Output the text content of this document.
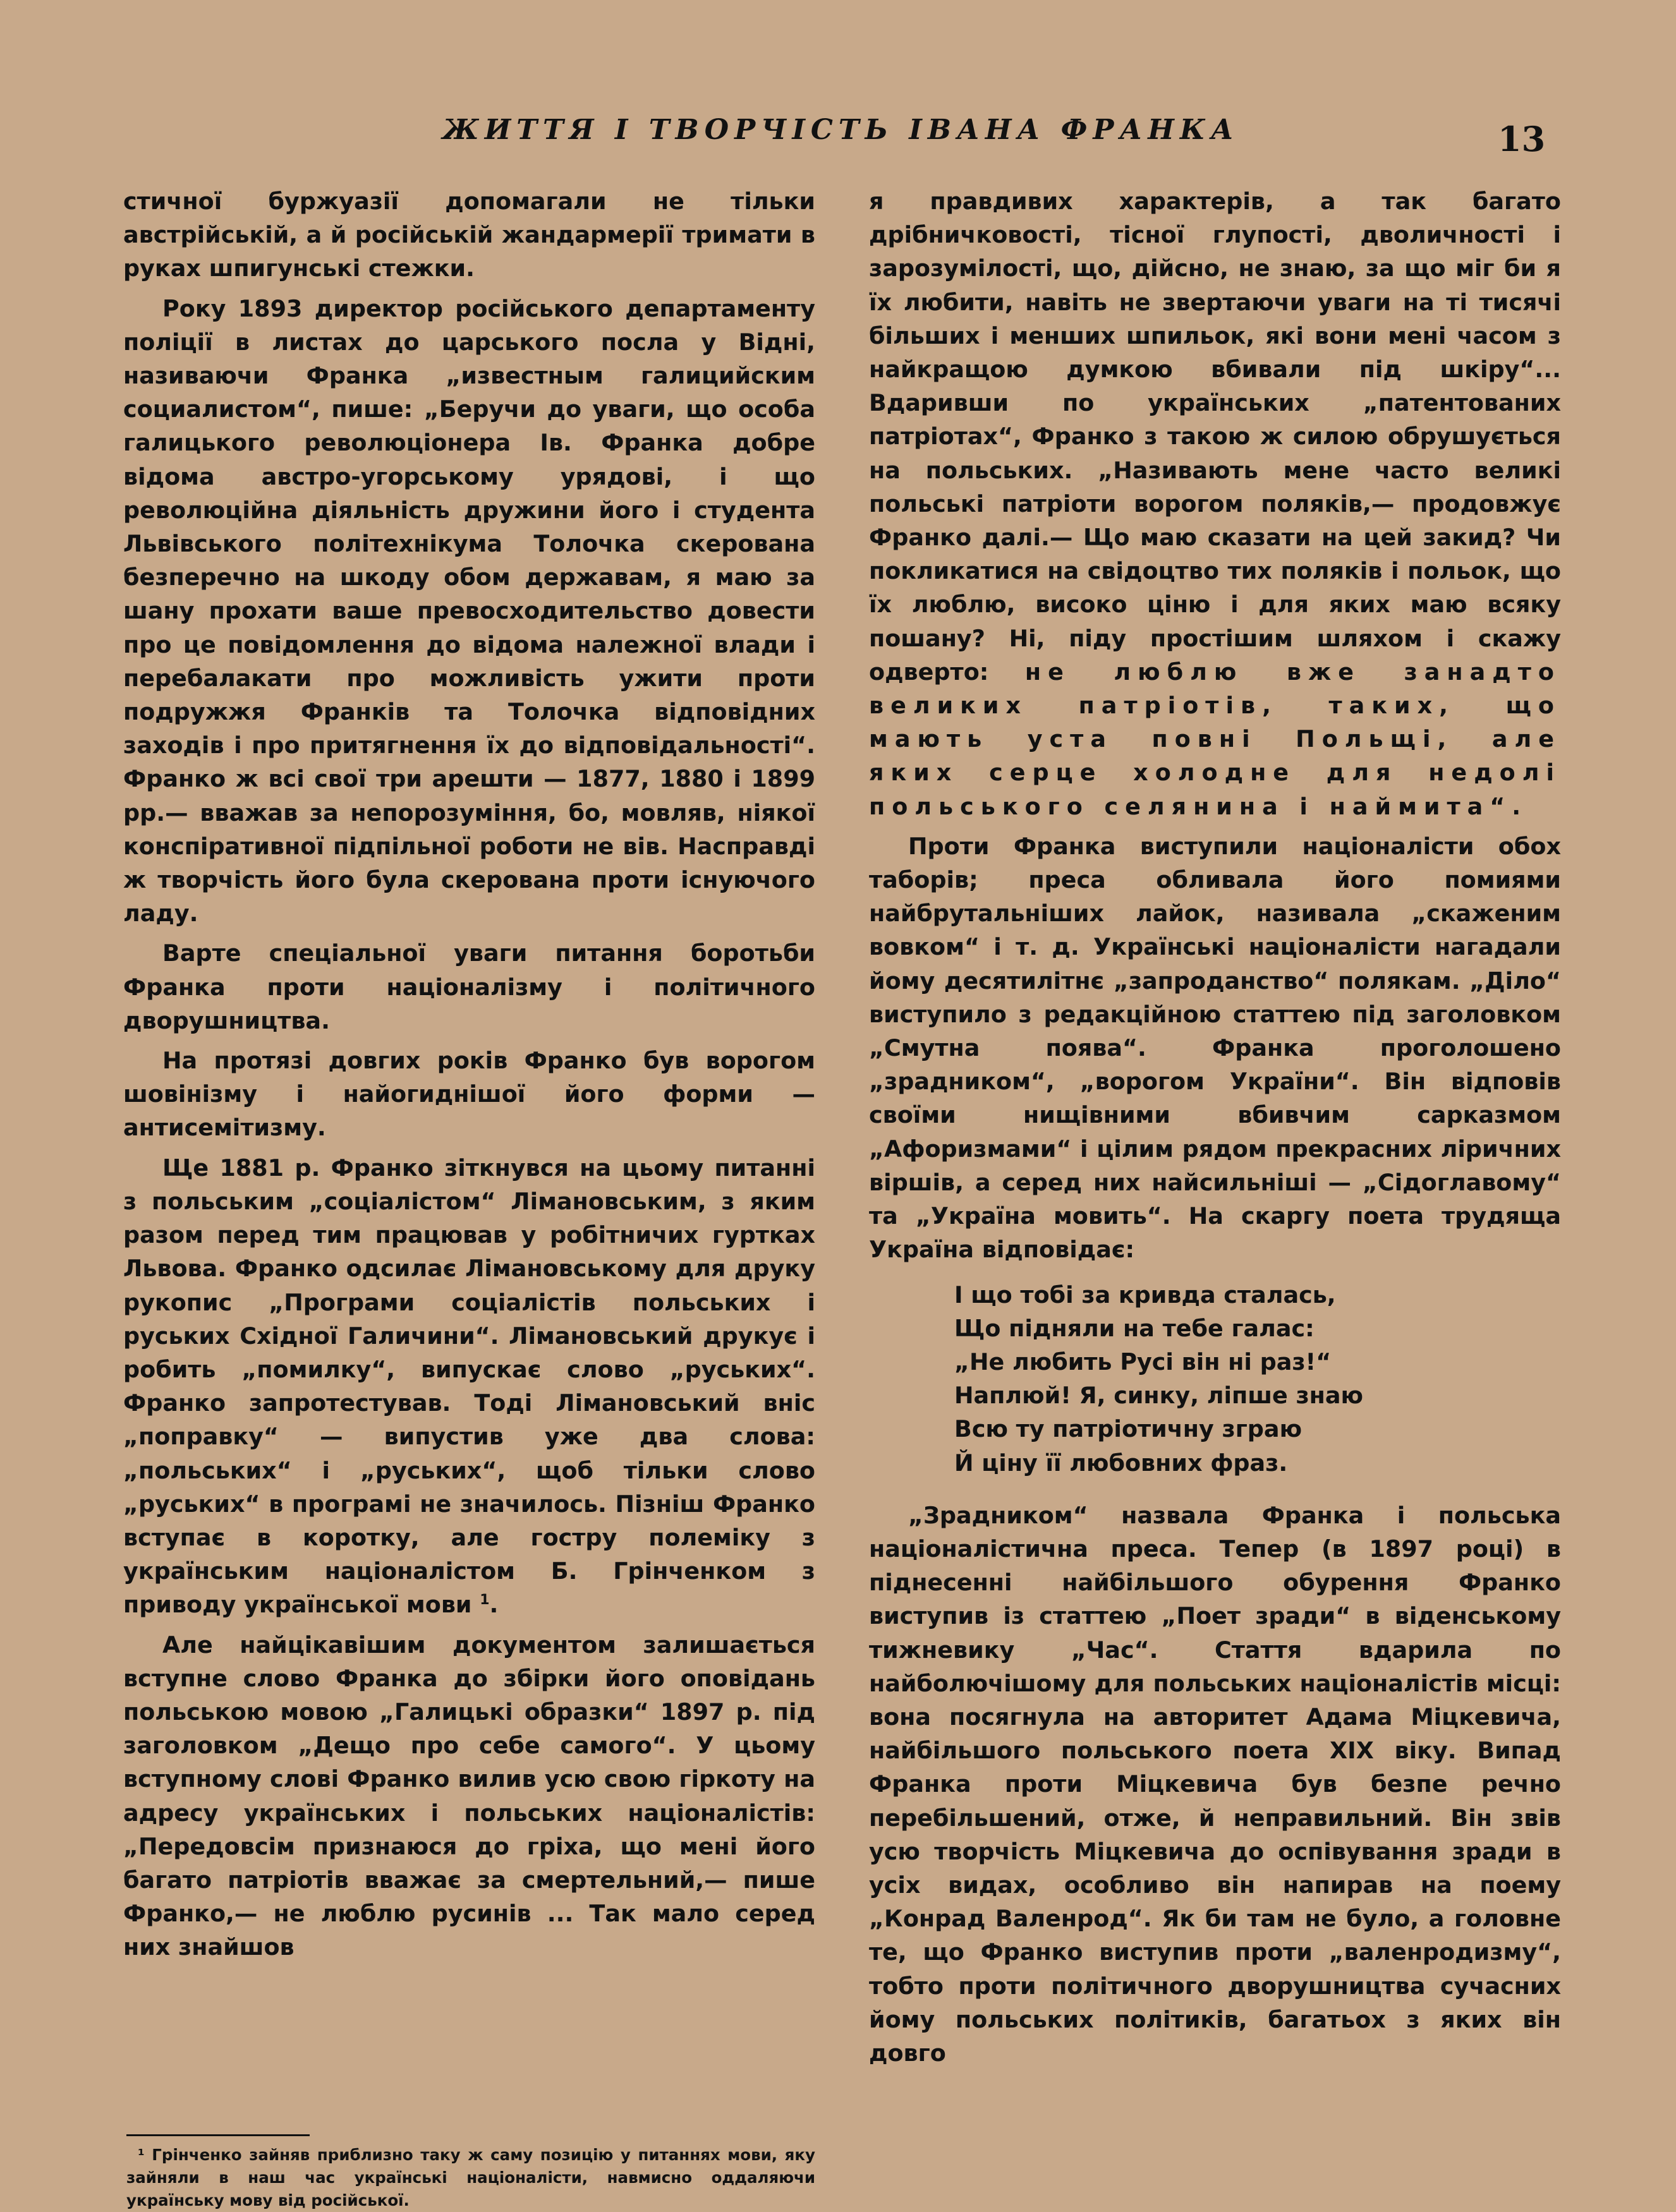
ЖИТТЯ І ТВОРЧІСТЬ ІВАНА ФРАНКА	13

стичної буржуазії допомагали не тільки австрійській, а й російській жандармерії тримати в руках шпигунські стежки.

Року 1893 директор російського департаменту поліції в листах до царського посла у Відні, називаючи Франка „известным галицийским социалистом“, пише: „Беручи до уваги, що особа галицького революціонера Ів. Франка добре відома австро-угорському урядові, і що революційна діяльність дружини його і студента Львівського політехнікума Толочка скерована безперечно на шкоду обом державам, я маю за шану прохати ваше превосходительство довести про це повідомлення до відома належної влади і перебалакати про можливість ужити проти подружжя Франків та Толочка відповідних заходів і про притягнення їх до відповідальності“. Франко ж всі свої три арешти — 1877, 1880 і 1899 рр.— вважав за непорозуміння, бо, мовляв, ніякої конспіративної підпільної роботи не вів. Насправді ж творчість його була скерована проти існуючого ладу.

Варте спеціальної уваги питання боротьби Франка проти націоналізму і політичного дворушництва.

На протязі довгих років Франко був ворогом шовінізму і найогиднішої його форми — антисемітизму.

Ще 1881 р. Франко зіткнувся на цьому питанні з польським „соціалістом“ Лімановським, з яким разом перед тим працював у робітничих гуртках Львова. Франко одсилає Лімановському для друку рукопис „Програми соціалістів польських і руських Східної Галичини“. Лімановський друкує і робить „помилку“, випускає слово „руських“. Франко запротестував. Тоді Лімановський вніс „поправку“ — випустив уже два слова: „польських“ і „руських“, щоб тільки слово „руських“ в програмі не значилось. Пізніш Франко вступає в коротку, але гостру полеміку з українським націоналістом Б. Грінченком з приводу української мови $^1$.

Але найцікавішим документом залишається вступне слово Франка до збірки його оповідань польською мовою „Галицькі образки“ 1897 р. під заголовком „Дещо про себе самого“. У цьому вступному слові Франко вилив усю свою гіркоту на адресу українських і польських націоналістів: „Передовсім признаюся до гріха, що мені його багато патріотів вважає за смертельний,— пише Франко,— не люблю русинів ... Так мало серед них знайшов

¹ Грінченко зайняв приблизно таку ж саму позицію у питаннях мови, яку зайняли в наш час українські націоналісти, навмисно оддаляючи українську мову від російської.

я правдивих характерів, а так багато дрібничковості, тісної глупості, дволичності і зарозумілості, що, дійсно, не знаю, за що міг би я їх любити, навіть не звертаючи уваги на ті тисячі більших і менших шпильок, які вони мені часом з найкращою думкою вбивали під шкіру“... Вдаривши по українських „патентованих патріотах“, Франко з такою ж силою обрушується на польських. „Називають мене часто великі польські патріоти ворогом поляків,— продовжує Франко далі.— Що маю сказати на цей закид? Чи покликатися на свідоцтво тих поляків і польок, що їх люблю, високо ціню і для яких маю всяку пошану? Ні, піду простішим шляхом і скажу одверто: не люблю вже занадто великих патріотів, таких, що мають уста повні Польщі, але яких серце холодне для недолі польського селянина і наймита“.

Проти Франка виступили націоналісти обох таборів; преса обливала його помиями найбрутальніших лайок, називала „скаженим вовком“ і т. д. Українські націоналісти нагадали йому десятилітнє „запроданство“ полякам. „Діло“ виступило з редакційною статтею під заголовком „Смутна поява“. Франка проголошено „зрадником“, „ворогом України“. Він відповів своїми нищівними вбивчим сарказмом „Афоризмами“ і цілим рядом прекрасних ліричних віршів, а серед них найсильніші — „Сідоглавому“ та „Україна мовить“. На скаргу поета трудяща Україна відповідає:

І що тобі за кривда сталась,
Що підняли на тебе галас:
„Не любить Русі він ні раз!“
Наплюй! Я, синку, ліпше знаю
Всю ту патріотичну зграю
Й ціну її любовних фраз.

„Зрадником“ назвала Франка і польська націоналістична преса. Тепер (в 1897 році) в піднесенні найбільшого обурення Франко виступив із статтею „Поет зради“ в віденському тижневику „Час“. Стаття вдарила по найболючішому для польських націоналістів місці: вона посягнула на авторитет Адама Міцкевича, найбільшого польського поета XIX віку. Випад Франка проти Міцкевича був безпе речно перебільшений, отже, й неправильний. Він звів усю творчість Міцкевича до оспівування зради в усіх видах, особливо він напирав на поему „Конрад Валенрод“. Як би там не було, а головне те, що Франко виступив проти „валенродизму“, тобто проти політичного дворушництва сучасних йому польських політиків, багатьох з яких він довго
